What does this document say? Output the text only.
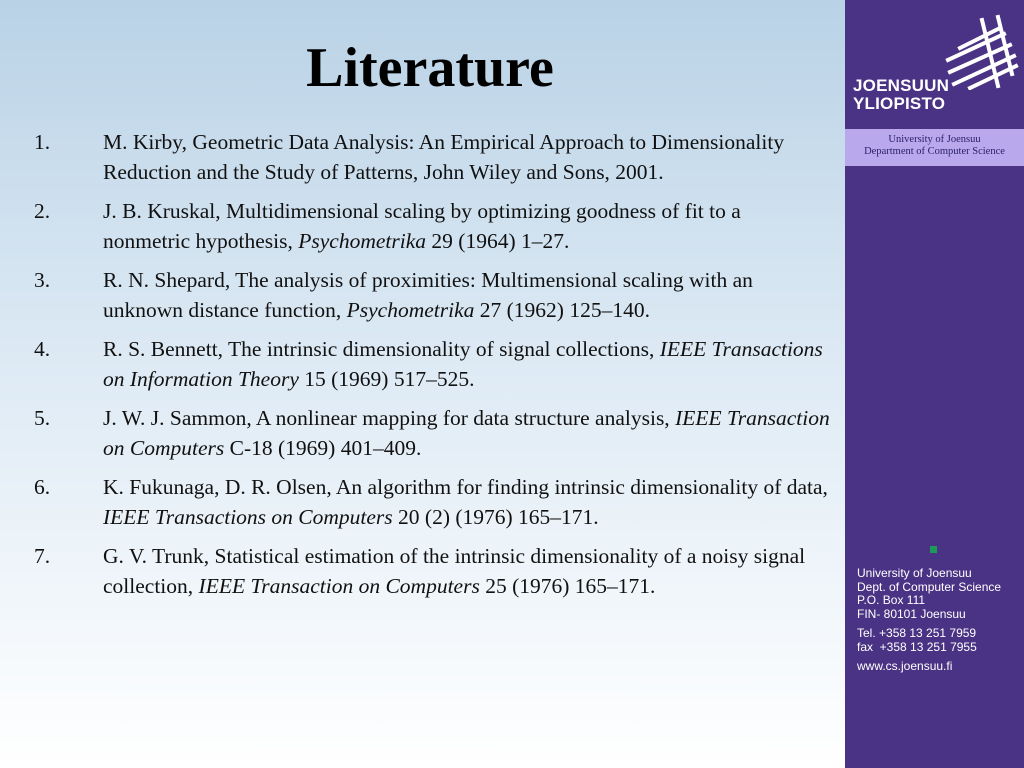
Literature
1. M. Kirby, Geometric Data Analysis: An Empirical Approach to Dimensionality Reduction and the Study of Patterns, John Wiley and Sons, 2001.
2. J. B. Kruskal, Multidimensional scaling by optimizing goodness of fit to a nonmetric hypothesis, Psychometrika 29 (1964) 1–27.
3. R. N. Shepard, The analysis of proximities: Multimensional scaling with an unknown distance function, Psychometrika 27 (1962) 125–140.
4. R. S. Bennett, The intrinsic dimensionality of signal collections, IEEE Transactions on Information Theory 15 (1969) 517–525.
5. J. W. J. Sammon, A nonlinear mapping for data structure analysis, IEEE Transaction on Computers C-18 (1969) 401–409.
6. K. Fukunaga, D. R. Olsen, An algorithm for finding intrinsic dimensionality of data, IEEE Transactions on Computers 20 (2) (1976) 165–171.
7. G. V. Trunk, Statistical estimation of the intrinsic dimensionality of a noisy signal collection, IEEE Transaction on Computers 25 (1976) 165–171.
JOENSUUN
YLIOPISTO
University of Joensuu
Department of Computer Science
University of Joensuu
Dept. of Computer Science
P.O. Box 111
FIN- 80101 Joensuu
Tel. +358 13 251 7959
fax  +358 13 251 7955
www.cs.joensuu.fi
